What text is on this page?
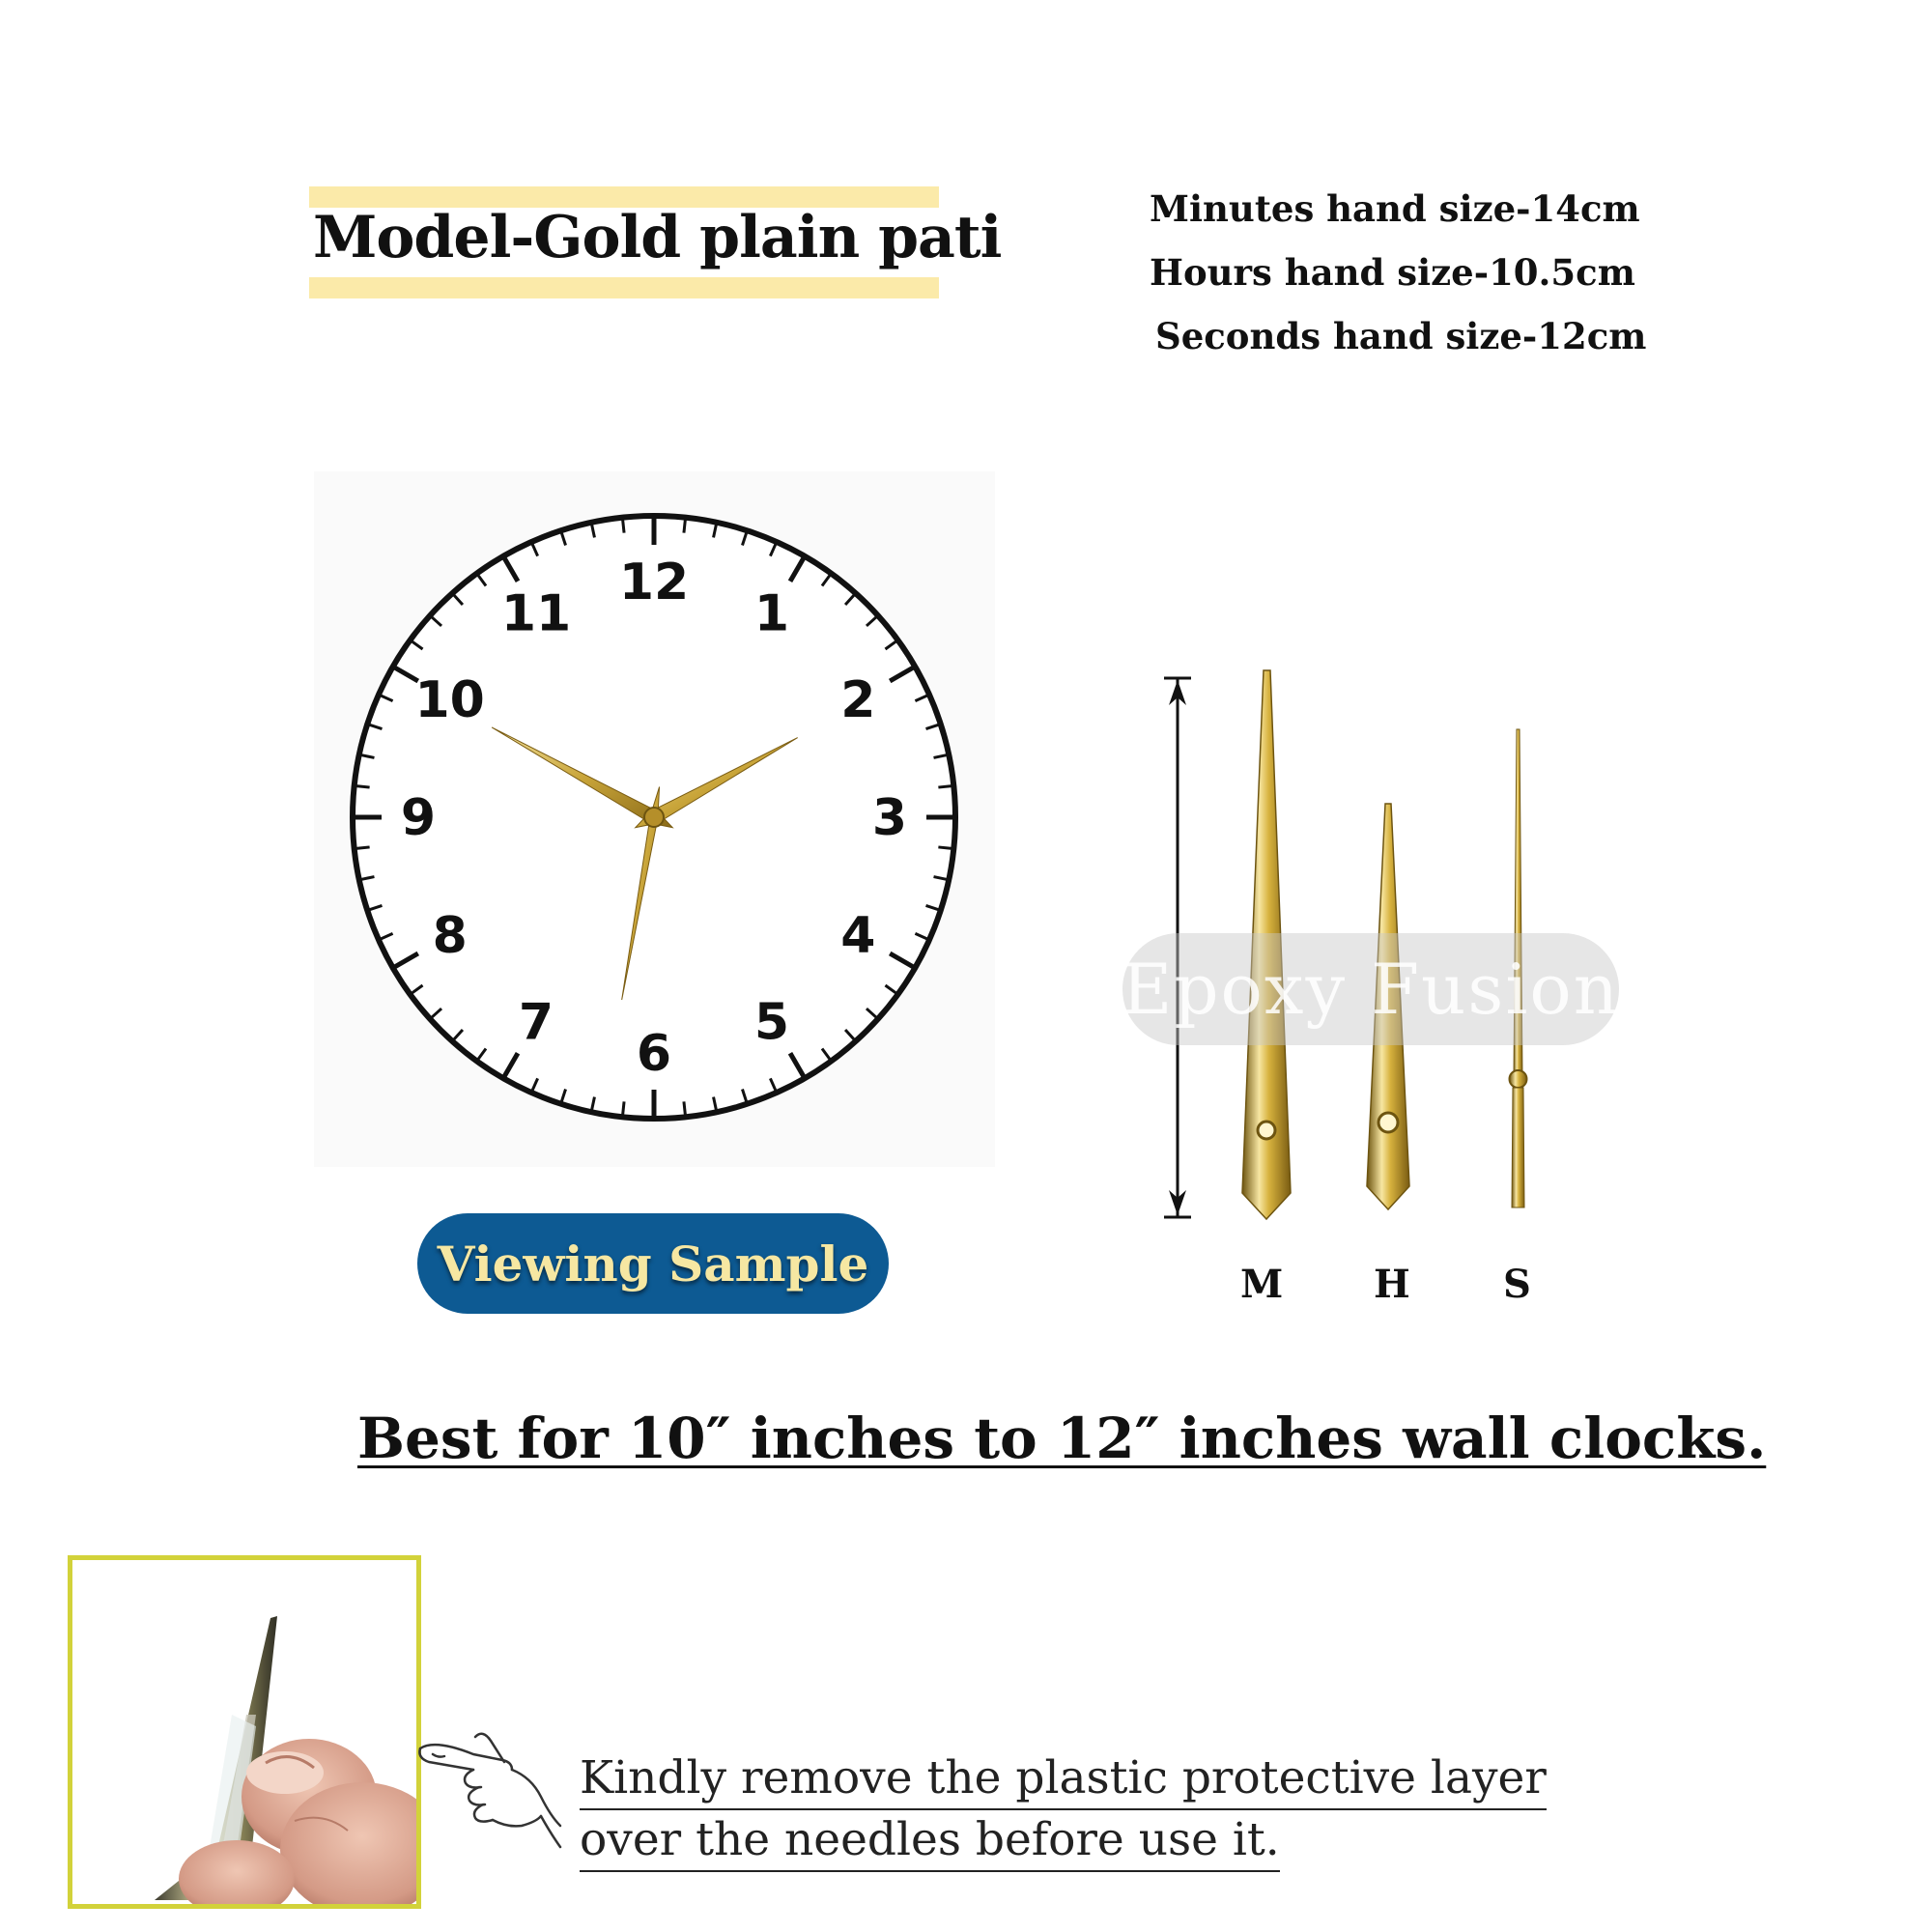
Model-Gold plain pati	Minutes hand size-14cm
Hours hand size-10.5cm
Seconds hand size-12cm
12
1
2
3
4
5
6
7
8
9
10
11
Viewing Sample	M H S
Epoxy Fusion
Best for 10″ inches to 12″ inches wall clocks.
Kindly remove the plastic protective layer
over the needles before use it.
